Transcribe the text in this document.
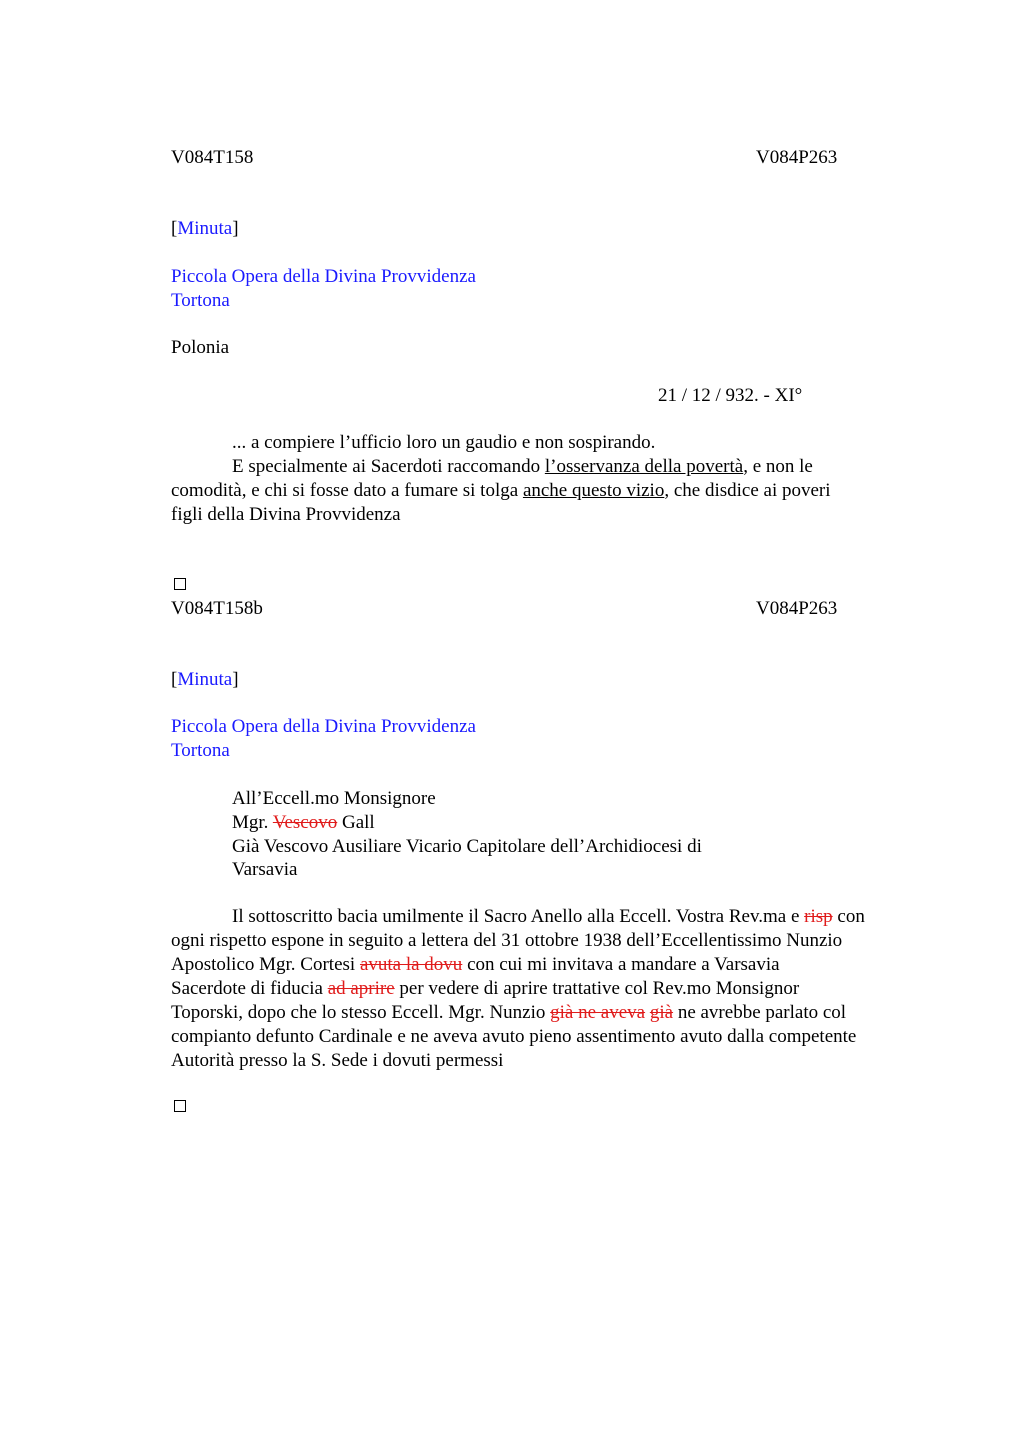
V084T158	V084P263
[Minuta]
Piccola Opera della Divina Provvidenza
Tortona
Polonia
21 / 12 / 932. - XI°
... a compiere l’ufficio loro un gaudio e non sospirando.
E specialmente ai Sacerdoti raccomando l’osservanza della povertà, e non le
comodità, e chi si fosse dato a fumare si tolga anche questo vizio, che disdice ai poveri
figli della Divina Provvidenza
V084T158b	V084P263
[Minuta]
Piccola Opera della Divina Provvidenza
Tortona
All’Eccell.mo Monsignore
Mgr. Vescovo Gall
Già Vescovo Ausiliare Vicario Capitolare dell’Archidiocesi di
Varsavia
Il sottoscritto bacia umilmente il Sacro Anello alla Eccell. Vostra Rev.ma e risp con
ogni rispetto espone in seguito a lettera del 31 ottobre 1938 dell’Eccellentissimo Nunzio
Apostolico Mgr. Cortesi avuta la dovu con cui mi invitava a mandare a Varsavia
Sacerdote di fiducia ad aprire per vedere di aprire trattative col Rev.mo Monsignor
Toporski, dopo che lo stesso Eccell. Mgr. Nunzio già ne aveva già ne avrebbe parlato col
compianto defunto Cardinale e ne aveva avuto pieno assentimento avuto dalla competente
Autorità presso la S. Sede i dovuti permessi
